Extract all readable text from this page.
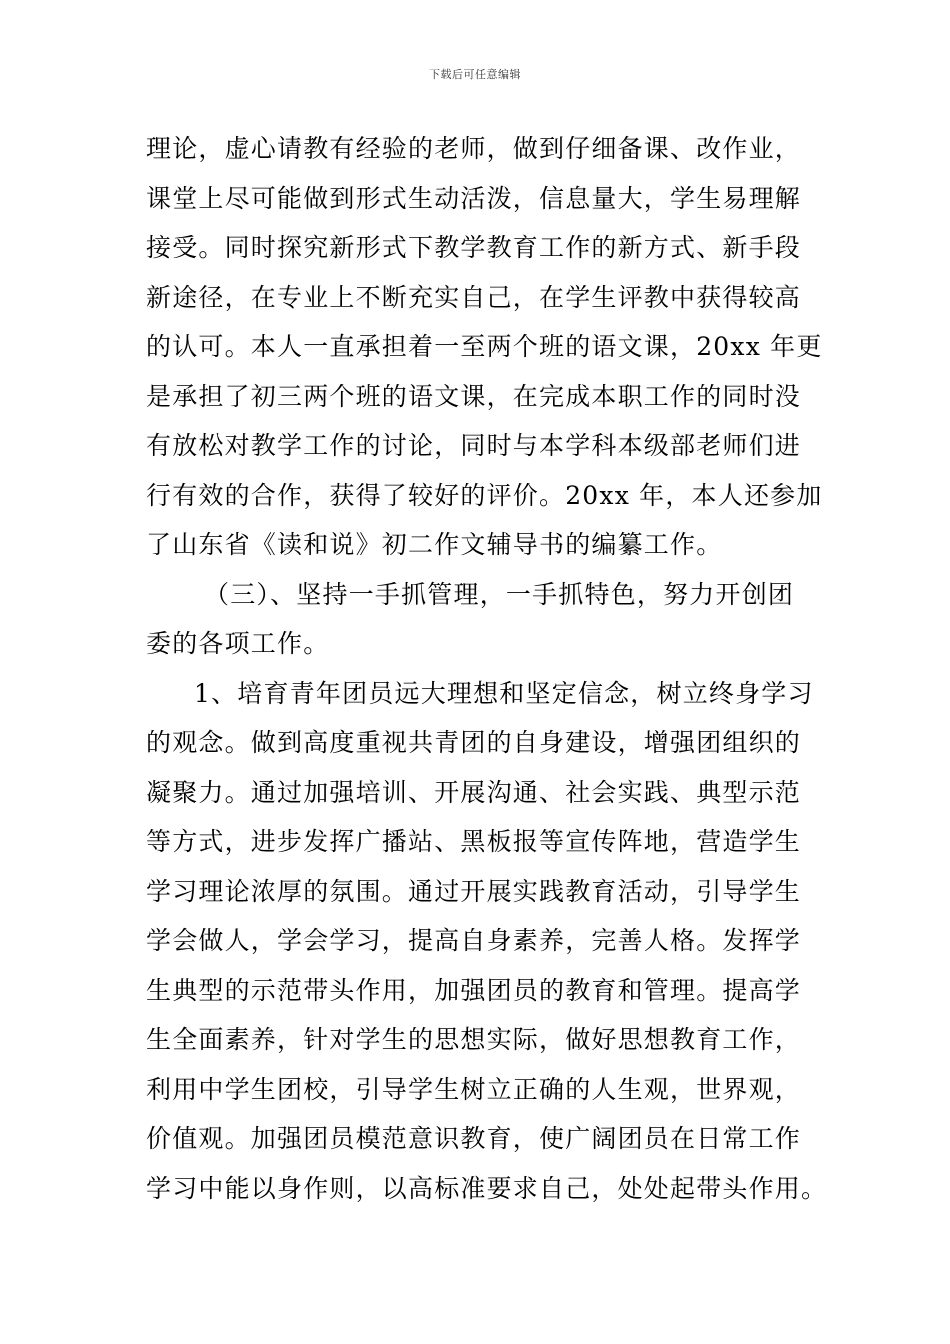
下载后可任意编辑
理论，虚心请教有经验的老师，做到仔细备课、改作业，
课堂上尽可能做到形式生动活泼，信息量大，学生易理解
接受。同时探究新形式下教学教育工作的新方式、新手段
新途径，在专业上不断充实自己，在学生评教中获得较高
的认可。本人一直承担着一至两个班的语文课，20xx 年更
是承担了初三两个班的语文课，在完成本职工作的同时没
有放松对教学工作的讨论，同时与本学科本级部老师们进
行有效的合作，获得了较好的评价。20xx 年，本人还参加
了山东省《读和说》初二作文辅导书的编纂工作。
（三）、坚持一手抓管理，一手抓特色，努力开创团
委的各项工作。
1、培育青年团员远大理想和坚定信念，树立终身学习
的观念。做到高度重视共青团的自身建设，增强团组织的
凝聚力。通过加强培训、开展沟通、社会实践、典型示范
等方式，进步发挥广播站、黑板报等宣传阵地，营造学生
学习理论浓厚的氛围。通过开展实践教育活动，引导学生
学会做人，学会学习，提高自身素养，完善人格。发挥学
生典型的示范带头作用，加强团员的教育和管理。提高学
生全面素养，针对学生的思想实际，做好思想教育工作，
利用中学生团校，引导学生树立正确的人生观，世界观，
价值观。加强团员模范意识教育，使广阔团员在日常工作
学习中能以身作则，以高标准要求自己，处处起带头作用。
